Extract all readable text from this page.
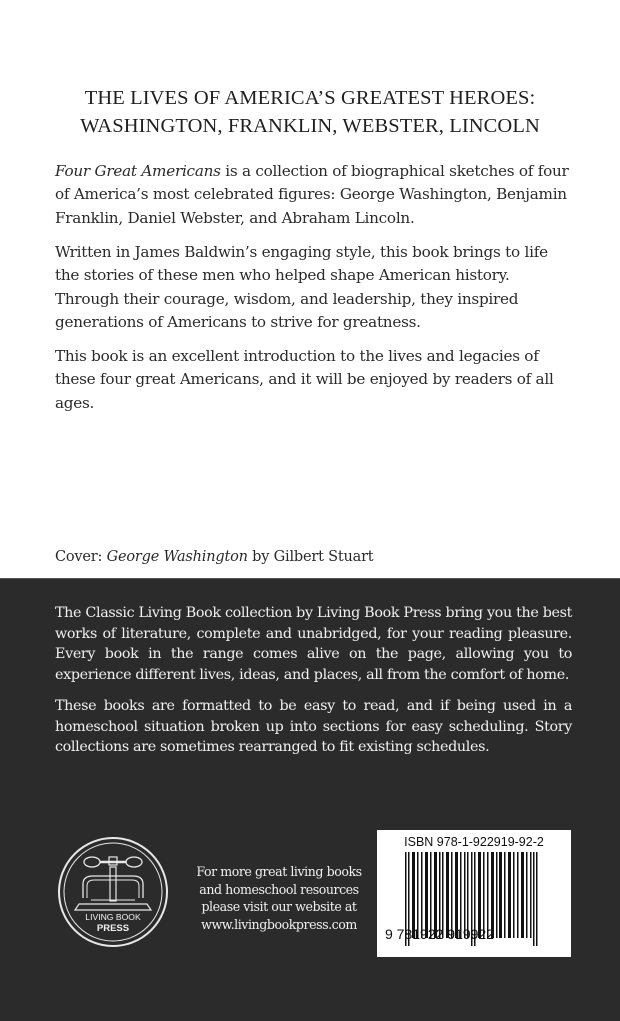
THE LIVES OF AMERICA’S GREATEST HEROES:
WASHINGTON, FRANKLIN, WEBSTER, LINCOLN
Four Great Americans is a collection of biographical sketches of four of America’s most celebrated figures: George Washington, Benjamin Franklin, Daniel Webster, and Abraham Lincoln.
Written in James Baldwin’s engaging style, this book brings to life the stories of these men who helped shape American history. Through their courage, wisdom, and leadership, they inspired generations of Americans to strive for greatness.
This book is an excellent introduction to the lives and legacies of these four great Americans, and it will be enjoyed by readers of all ages.
Cover: George Washington by Gilbert Stuart
The Classic Living Book collection by Living Book Press bring you the best works of literature, complete and unabridged, for your reading pleasure. Every book in the range comes alive on the page, allowing you to experience different lives, ideas, and places, all from the comfort of home.
These books are formatted to be easy to read, and if being used in a homeschool situation broken up into sections for easy scheduling. Story collections are sometimes rearranged to fit existing schedules.
LIVING BOOK
PRESS
For more great living books
and homeschool resources
please visit our website at
www.livingbookpress.com
ISBN 978-1-922919-92-2
9 781922 919922
